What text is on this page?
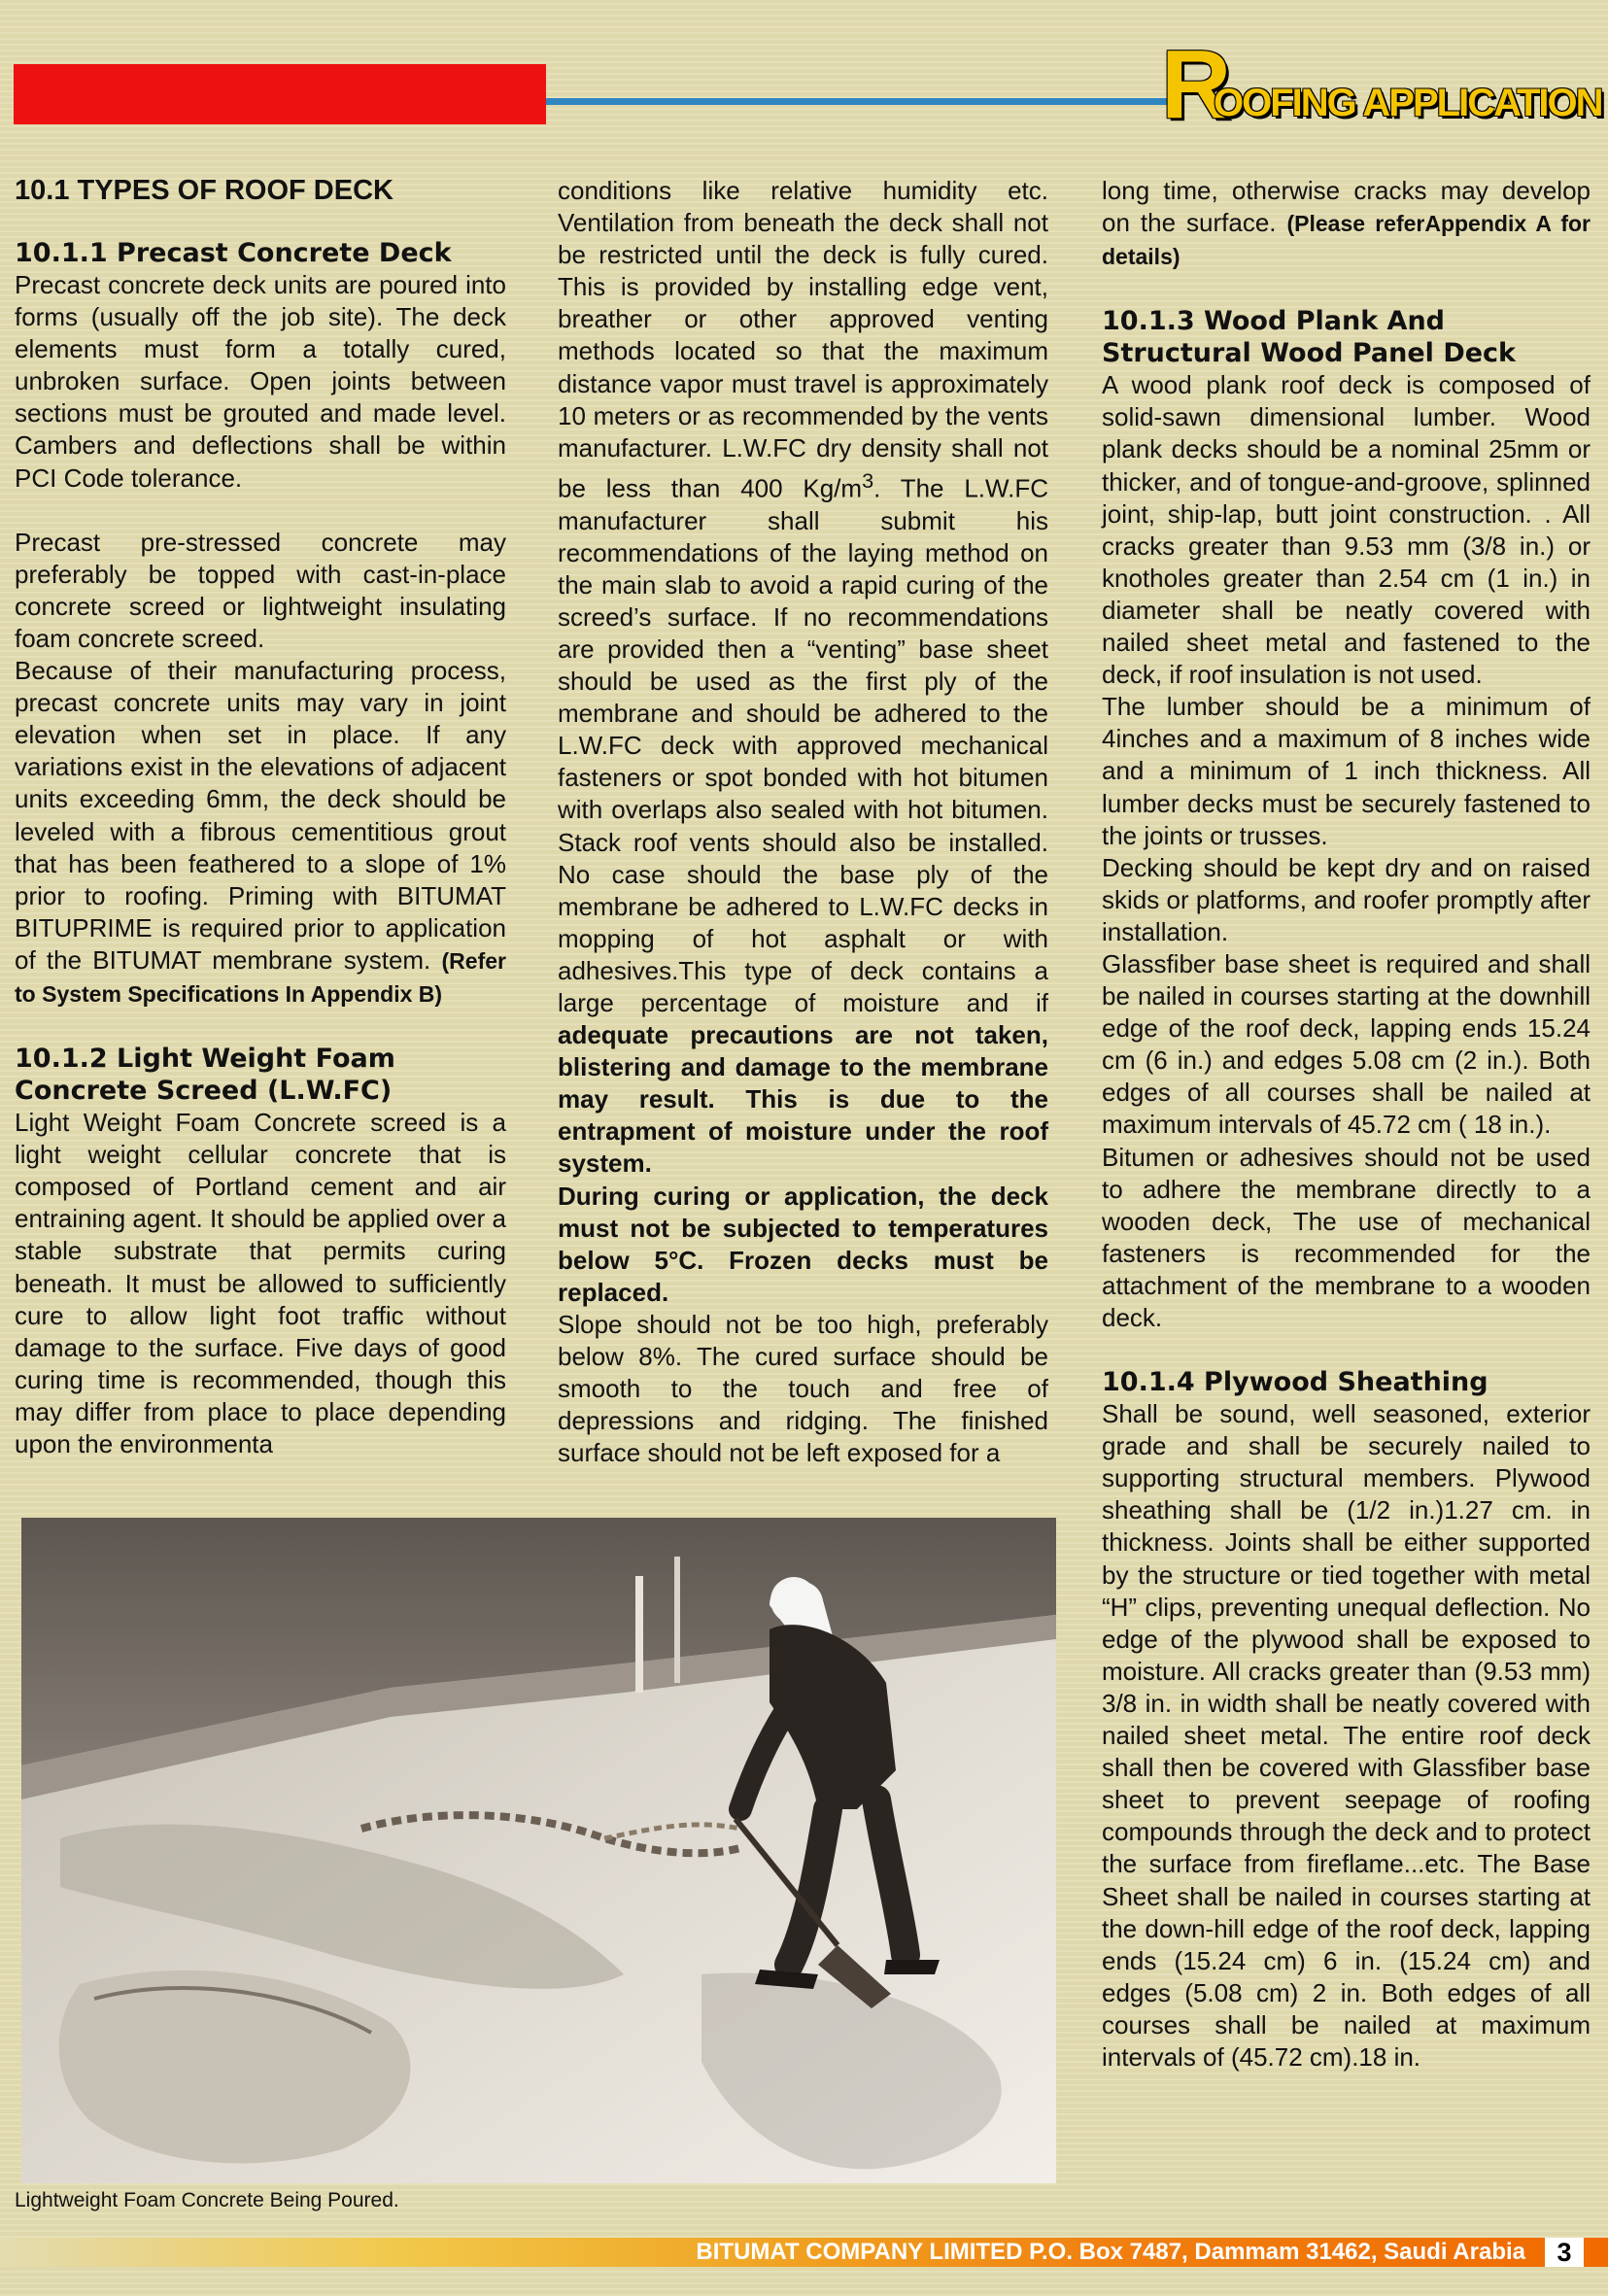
R
OOFING APPLICATION
10.1 TYPES OF ROOF DECK
10.1.1 Precast Concrete Deck

Precast concrete deck units are poured into forms (usually off the job site). The deck elements must form a totally cured, unbroken surface. Open joints between sections must be grouted and made level. Cambers and deflections shall be within PCI Code tolerance.

Precast pre-stressed concrete may preferably be topped with cast-in-place concrete screed or lightweight insulating foam concrete screed.

Because of their manufacturing process, precast concrete units may vary in joint elevation when set in place. If any variations exist in the elevations of adjacent units exceeding 6mm, the deck should be leveled with a fibrous cementitious grout that has been feathered to a slope of 1% prior to roofing. Priming with BITUMAT BITUPRIME is required prior to application of the BITUMAT membrane system. (Refer to System Specifications In Appendix B)

10.1.2 Light Weight Foam
Concrete Screed (L.W.FC)

Light Weight Foam Concrete screed is a light weight cellular concrete that is composed of Portland cement and air entraining agent. It should be applied over a stable substrate that permits curing beneath. It must be allowed to sufficiently cure to allow light foot traffic without damage to the surface. Five days of good curing time is recommended, though this may differ from place to place depending upon the environmenta

conditions like relative humidity etc. Ventilation from beneath the deck shall not be restricted until the deck is fully cured. This is provided by installing edge vent, breather or other approved venting methods located so that the maximum distance vapor must travel is approximately 10 meters or as recommended by the vents manufacturer. L.W.FC dry density shall not be less than 400 $Kg/m^3$. The L.W.FC manufacturer shall submit his recommendations of the laying method on the main slab to avoid a rapid curing of the screed’s surface. If no recommendations are provided then a “venting” base sheet should be used as the first ply of the membrane and should be adhered to the L.W.FC deck with approved mechanical fasteners or spot bonded with hot bitumen with overlaps also sealed with hot bitumen. Stack roof vents should also be installed. No case should the base ply of the membrane be adhered to L.W.FC decks in mopping of hot asphalt or with adhesives.This type of deck contains a large percentage of moisture and if adequate precautions are not taken, blistering and damage to the membrane may result. This is due to the entrapment of moisture under the roof system.

During curing or application, the deck must not be subjected to temperatures below 5°C. Frozen decks must be replaced.

Slope should not be too high, preferably below 8%. The cured surface should be smooth to the touch and free of depressions and ridging. The finished surface should not be left exposed for a

long time, otherwise cracks may develop on the surface. (Please referAppendix A for details)

10.1.3 Wood Plank And
Structural Wood Panel Deck

A wood plank roof deck is composed of solid-sawn dimensional lumber. Wood plank decks should be a nominal 25mm or thicker, and of tongue-and-groove, splinned joint, ship-lap, butt joint construction. . All cracks greater than 9.53 mm (3/8 in.) or knotholes greater than 2.54 cm (1 in.) in diameter shall be neatly covered with nailed sheet metal and fastened to the deck, if roof insulation is not used.

The lumber should be a minimum of 4inches and a maximum of 8 inches wide and a minimum of 1 inch thickness. All lumber decks must be securely fastened to the joints or trusses.

Decking should be kept dry and on raised skids or platforms, and roofer promptly after installation.

Glassfiber base sheet is required and shall be nailed in courses starting at the downhill edge of the roof deck, lapping ends 15.24 cm (6 in.) and edges 5.08 cm (2 in.). Both edges of all courses shall be nailed at maximum intervals of 45.72 cm ( 18 in.).

Bitumen or adhesives should not be used to adhere the membrane directly to a wooden deck, The use of mechanical fasteners is recommended for the attachment of the membrane to a wooden deck.

10.1.4 Plywood Sheathing

Shall be sound, well seasoned, exterior grade and shall be securely nailed to supporting structural members. Plywood sheathing shall be (1/2 in.)1.27 cm. in thickness. Joints shall be either supported by the structure or tied together with metal “H” clips, preventing unequal deflection. No edge of the plywood shall be exposed to moisture. All cracks greater than (9.53 mm) 3/8 in. in width shall be neatly covered with nailed sheet metal. The entire roof deck shall then be covered with Glassfiber base sheet to prevent seepage of roofing compounds through the deck and to protect the surface from fireflame...etc. The Base Sheet shall be nailed in courses starting at the down-hill edge of the roof deck, lapping ends (15.24 cm) 6 in. (15.24 cm) and edges (5.08 cm) 2 in. Both edges of all courses shall be nailed at maximum intervals of (45.72 cm).18 in.

Lightweight Foam Concrete Being Poured.
BITUMAT COMPANY LIMITED P.O. Box 7487, Dammam 31462, Saudi Arabia	3
